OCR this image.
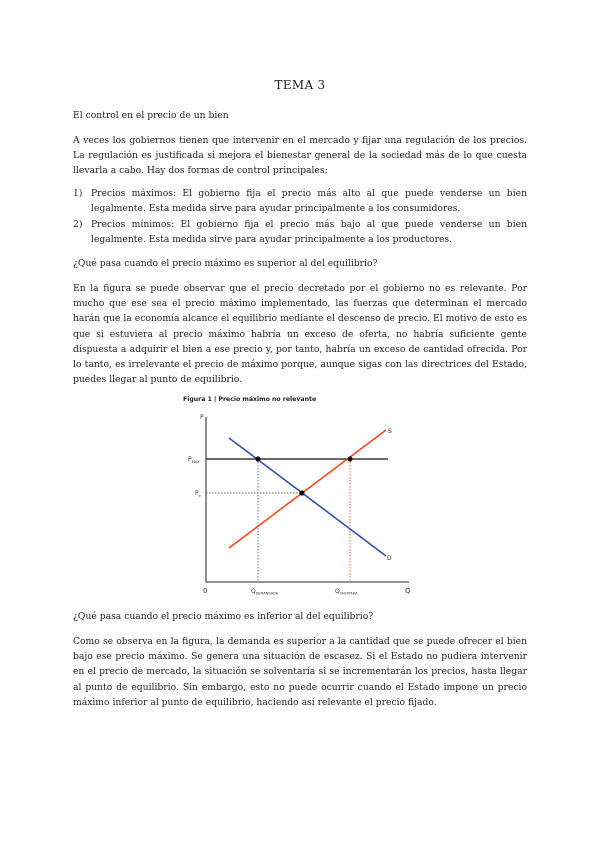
TEMA 3
El control en el precio de un bien
A veces los gobiernos tienen que intervenir en el mercado y fijar una regulación de los precios. La regulación es justificada si mejora el bienestar general de la sociedad más de lo que cuesta llevarla a cabo. Hay dos formas de control principales:
1) Precios máximos: El gobierno fija el precio más alto al que puede venderse un bien legalmente. Esta medida sirve para ayudar principalmente a los consumidores.
2) Precios mínimos: El gobierno fija el precio más bajo al que puede venderse un bien legalmente. Esta medida sirve para ayudar principalmente a los productores.
¿Qué pasa cuando el precio máximo es superior al del equilibrio?
En la figura se puede observar que el precio decretado por el gobierno no es relevante. Por mucho que ese sea el precio máximo implementado, las fuerzas que determinan el mercado harán que la economía alcance el equilibrio mediante el descenso de precio. El motivo de esto es que si estuviera al precio máximo habría un exceso de oferta, no habría suficiente gente dispuesta a adquirir el bien a ese precio y, por tanto, habría un exceso de cantidad ofrecida. Por lo tanto, es irrelevante el precio de máximo porque, aunque sigas con las directrices del Estado, puedes llegar al punto de equilibrio.
Figura 1 | Precio máximo no relevante
P
Q
0
$P_{MAX}$
$P_e$
S
D
$Q_{DEMANDADA}$	$Q_{OFERTADA}$
¿Qué pasa cuando el precio máximo es inferior al del equilibrio?
Como se observa en la figura, la demanda es superior a la cantidad que se puede ofrecer el bien bajo ese precio máximo. Se genera una situación de escasez. Si el Estado no pudiera intervenir en el precio de mercado, la situación se solventaría si se incrementarán los precios, hasta llegar al punto de equilibrio. Sin embargo, esto no puede ocurrir cuando el Estado impone un precio máximo inferior al punto de equilibrio, haciendo así relevante el precio fijado.
